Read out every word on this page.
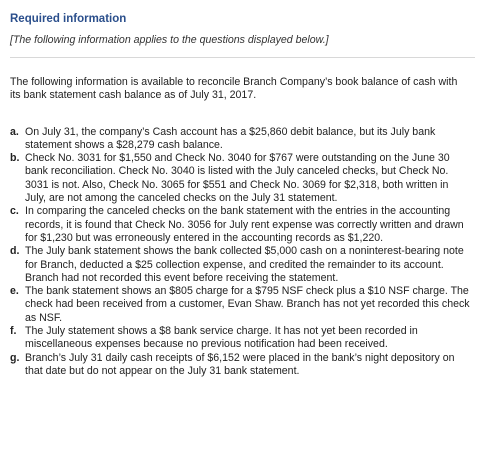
Required information
[The following information applies to the questions displayed below.]
The following information is available to reconcile Branch Company’s book balance of cash with its bank statement cash balance as of July 31, 2017.
a. On July 31, the company’s Cash account has a $25,860 debit balance, but its July bank statement shows a $28,279 cash balance.
b. Check No. 3031 for $1,550 and Check No. 3040 for $767 were outstanding on the June 30 bank reconciliation. Check No. 3040 is listed with the July canceled checks, but Check No. 3031 is not. Also, Check No. 3065 for $551 and Check No. 3069 for $2,318, both written in July, are not among the canceled checks on the July 31 statement.
c. In comparing the canceled checks on the bank statement with the entries in the accounting records, it is found that Check No. 3056 for July rent expense was correctly written and drawn for $1,230 but was erroneously entered in the accounting records as $1,220.
d. The July bank statement shows the bank collected $5,000 cash on a noninterest-bearing note for Branch, deducted a $25 collection expense, and credited the remainder to its account. Branch had not recorded this event before receiving the statement.
e. The bank statement shows an $805 charge for a $795 NSF check plus a $10 NSF charge. The check had been received from a customer, Evan Shaw. Branch has not yet recorded this check as NSF.
f. The July statement shows a $8 bank service charge. It has not yet been recorded in miscellaneous expenses because no previous notification had been received.
g. Branch’s July 31 daily cash receipts of $6,152 were placed in the bank’s night depository on that date but do not appear on the July 31 bank statement.
